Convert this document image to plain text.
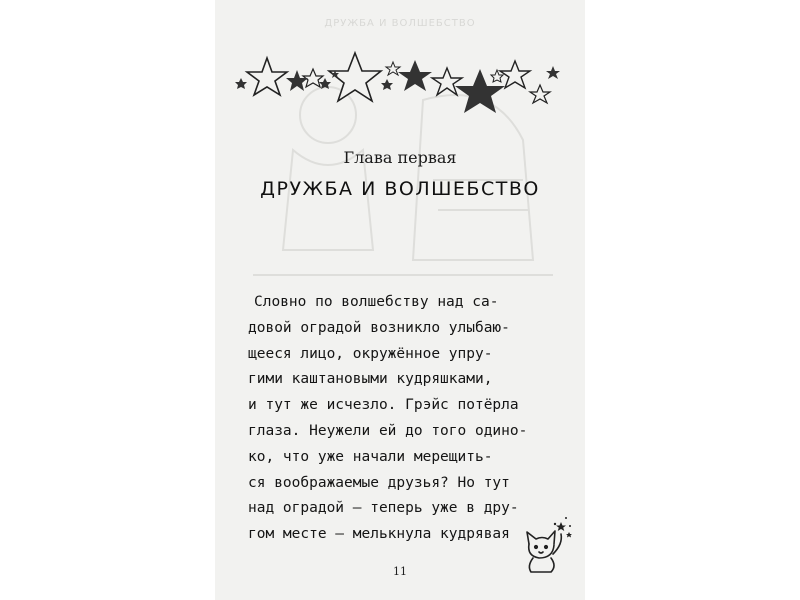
ДРУЖБА И ВОЛШЕБСТВО
Глава первая
ДРУЖБА И ВОЛШЕБСТВО
Словно по волшебству над са-
довой оградой возникло улыбаю-
щееся лицо, окружённое упру-
гими каштановыми кудряшками,
и тут же исчезло. Грэйс потёрла
глаза. Неужели ей до того одино-
ко, что уже начали мерещить-
ся воображаемые друзья? Но тут
над оградой – теперь уже в дру-
гом месте – мелькнула кудрявая
11
